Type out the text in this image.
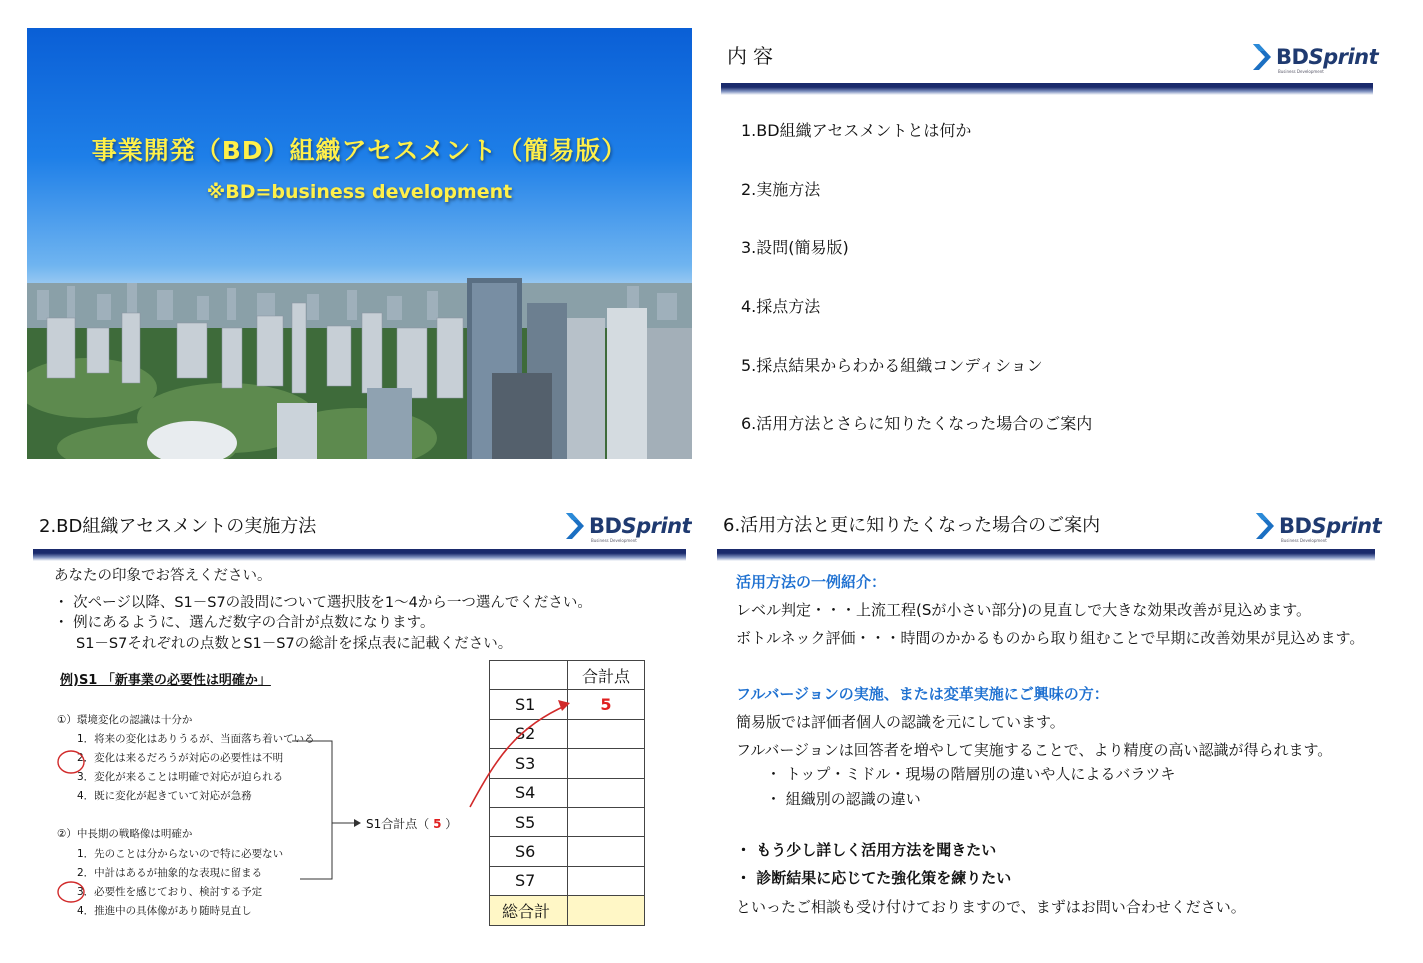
事業開発（BD）組織アセスメント（簡易版）
※BD=business development
内容	BD Sprint
Business Development
1.BD組織アセスメントとは何か
2.実施方法
3.設問(簡易版)
4.採点方法
5.採点結果からわかる組織コンディション
6.活用方法とさらに知りたくなった場合のご案内
2.BD組織アセスメントの実施方法	BD Sprint
Business Development
あなたの印象でお答えください。
・ 次ページ以降、S1－S7の設問について選択肢を1～4から一つ選んでください。
・ 例にあるように、選んだ数字の合計が点数になります。
S1－S7それぞれの点数とS1－S7の総計を採点表に記載ください。
例)S1 「新事業の必要性は明確か」
①）環境変化の認識は十分か
1．将来の変化はありうるが、当面落ち着いている
2．変化は来るだろうが対応の必要性は不明
3．変化が来ることは明確で対応が迫られる
4．既に変化が起きていて対応が急務
②）中長期の戦略像は明確か
1．先のことは分からないので特に必要ない
2．中計はあるが抽象的な表現に留まる
3．必要性を感じており、検討する予定
4．推進中の具体像があり随時見直し
S1合計点（ 5 ）
	合計点
S1	5
S2	
S3	
S4	
S5	
S6	
S7	
総合計	
6.活用方法と更に知りたくなった場合のご案内	BD Sprint
Business Development
活用方法の一例紹介：
レベル判定・・・上流工程(Sが小さい部分)の見直しで大きな効果改善が見込めます。
ボトルネック評価・・・時間のかかるものから取り組むことで早期に改善効果が見込めます。
フルバージョンの実施、または変革実施にご興味の方：
簡易版では評価者個人の認識を元にしています。
フルバージョンは回答者を増やして実施することで、より精度の高い認識が得られます。
・ トップ・ミドル・現場の階層別の違いや人によるバラツキ
・ 組織別の認識の違い
・ もう少し詳しく活用方法を聞きたい
・ 診断結果に応じてた強化策を練りたい
といったご相談も受け付けておりますので、まずはお問い合わせください。
